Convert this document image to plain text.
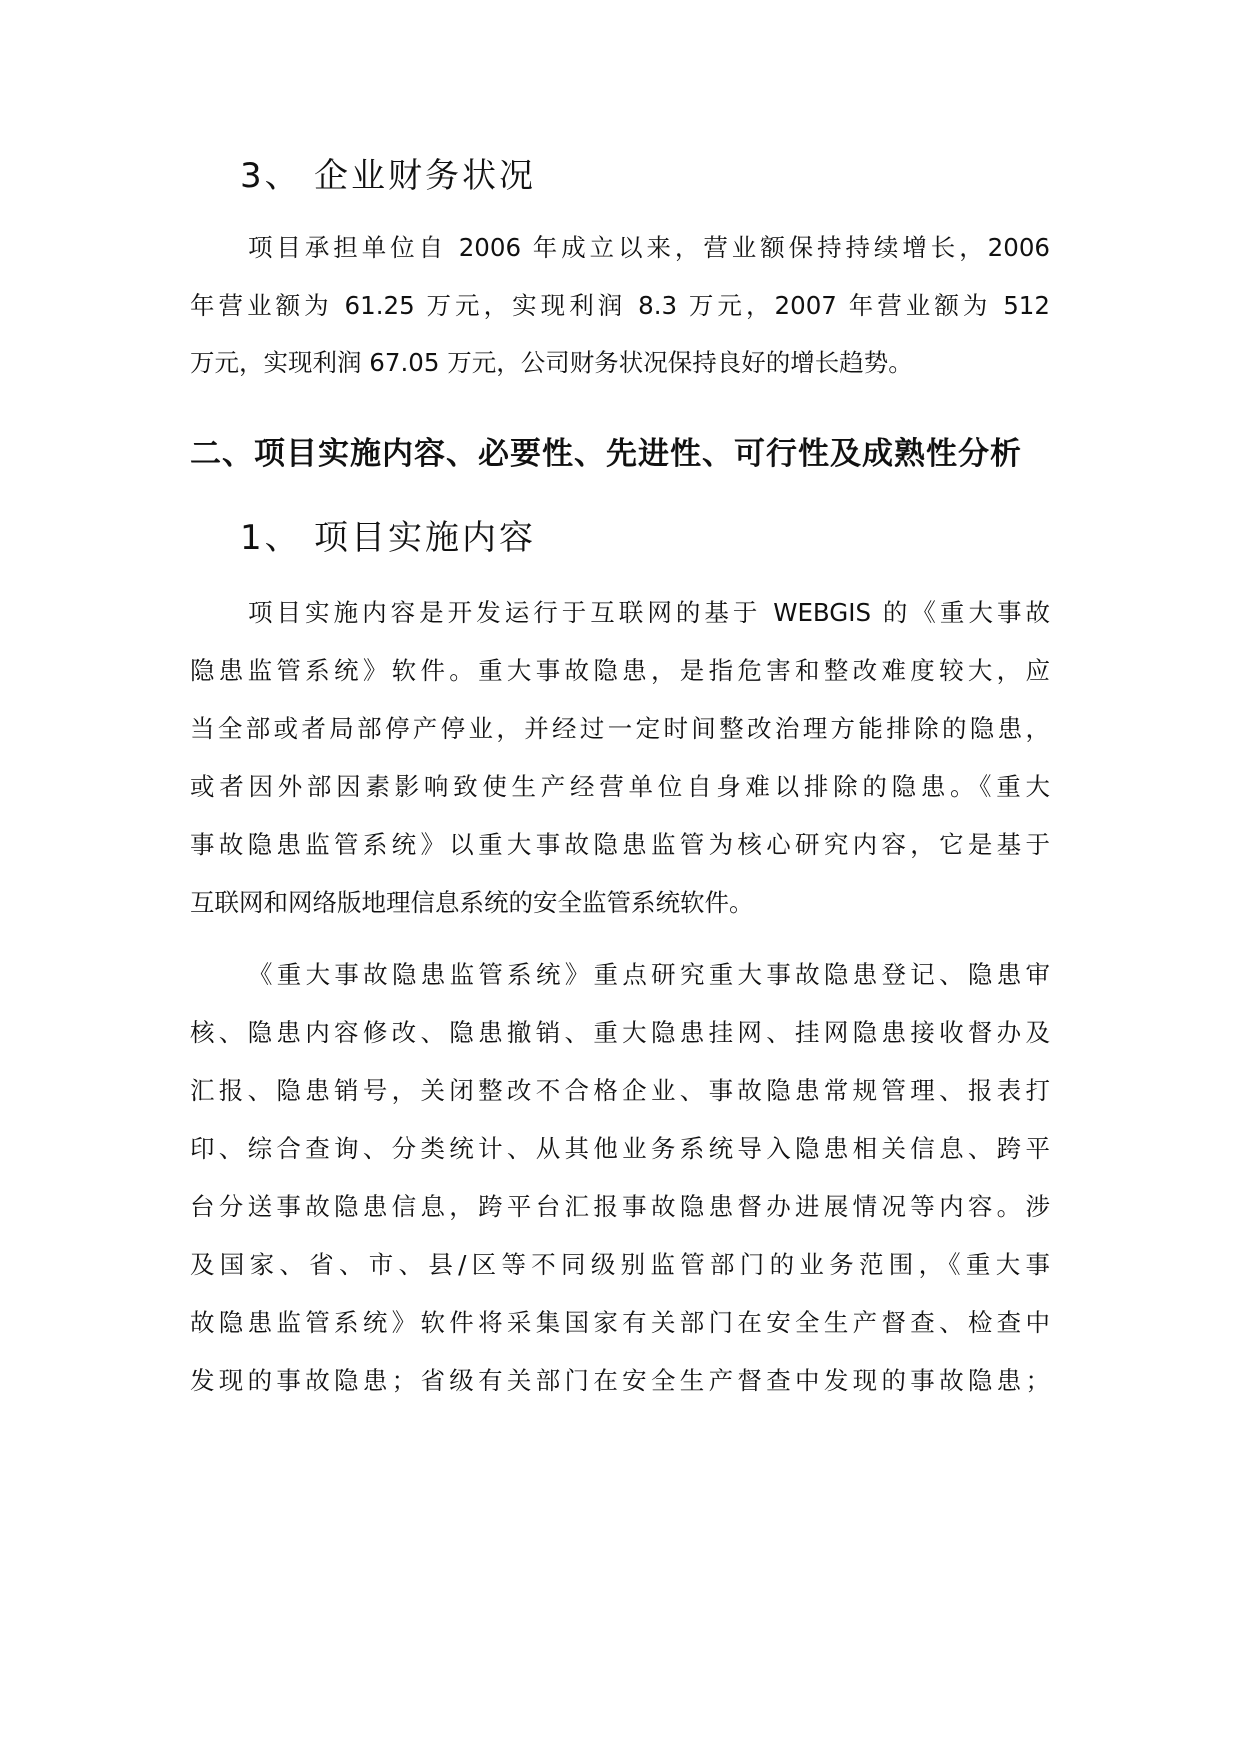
3、 企业财务状况
项目承担单位自 2006 年成立以来，营业额保持持续增长，2006
年营业额为 61.25 万元，实现利润 8.3 万元，2007 年营业额为 512
万元，实现利润 67.05 万元，公司财务状况保持良好的增长趋势。
二、项目实施内容、必要性、先进性、可行性及成熟性分析
1、 项目实施内容
项目实施内容是开发运行于互联网的基于 WEBGIS 的《重大事故
隐患监管系统》软件。重大事故隐患，是指危害和整改难度较大，应
当全部或者局部停产停业，并经过一定时间整改治理方能排除的隐患，
或者因外部因素影响致使生产经营单位自身难以排除的隐患。《重大
事故隐患监管系统》以重大事故隐患监管为核心研究内容，它是基于
互联网和网络版地理信息系统的安全监管系统软件。
《重大事故隐患监管系统》重点研究重大事故隐患登记、隐患审
核、隐患内容修改、隐患撤销、重大隐患挂网、挂网隐患接收督办及
汇报、隐患销号，关闭整改不合格企业、事故隐患常规管理、报表打
印、综合查询、分类统计、从其他业务系统导入隐患相关信息、跨平
台分送事故隐患信息，跨平台汇报事故隐患督办进展情况等内容。涉
及国家、省、市、县/区等不同级别监管部门的业务范围，《重大事
故隐患监管系统》软件将采集国家有关部门在安全生产督查、检查中
发现的事故隐患；省级有关部门在安全生产督查中发现的事故隐患；
